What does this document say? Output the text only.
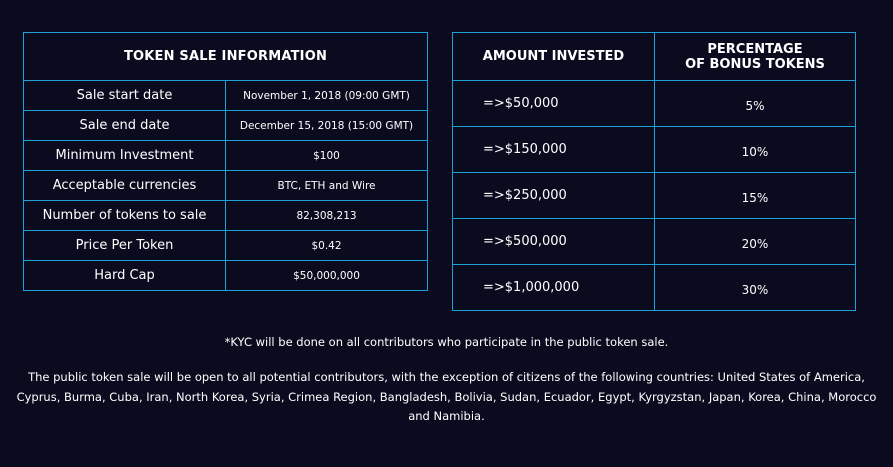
TOKEN SALE INFORMATION	
Sale start date	November 1, 2018 (09:00 GMT)
Sale end date	December 15, 2018 (15:00 GMT)
Minimum Investment	$100
Acceptable currencies	BTC, ETH and Wire
Number of tokens to sale	82,308,213
Price Per Token	$0.42
Hard Cap	$50,000,000
AMOUNT INVESTED	PERCENTAGE
OF BONUS TOKENS
=>$50,000	5%
=>$150,000	10%
=>$250,000	15%
=>$500,000	20%
=>$1,000,000	30%
*KYC will be done on all contributors who participate in the public token sale.
The public token sale will be open to all potential contributors, with the exception of citizens of the following countries: United States of America, Cyprus, Burma, Cuba, Iran, North Korea, Syria, Crimea Region, Bangladesh, Bolivia, Sudan, Ecuador, Egypt, Kyrgyzstan, Japan, Korea, China, Morocco and Namibia.
